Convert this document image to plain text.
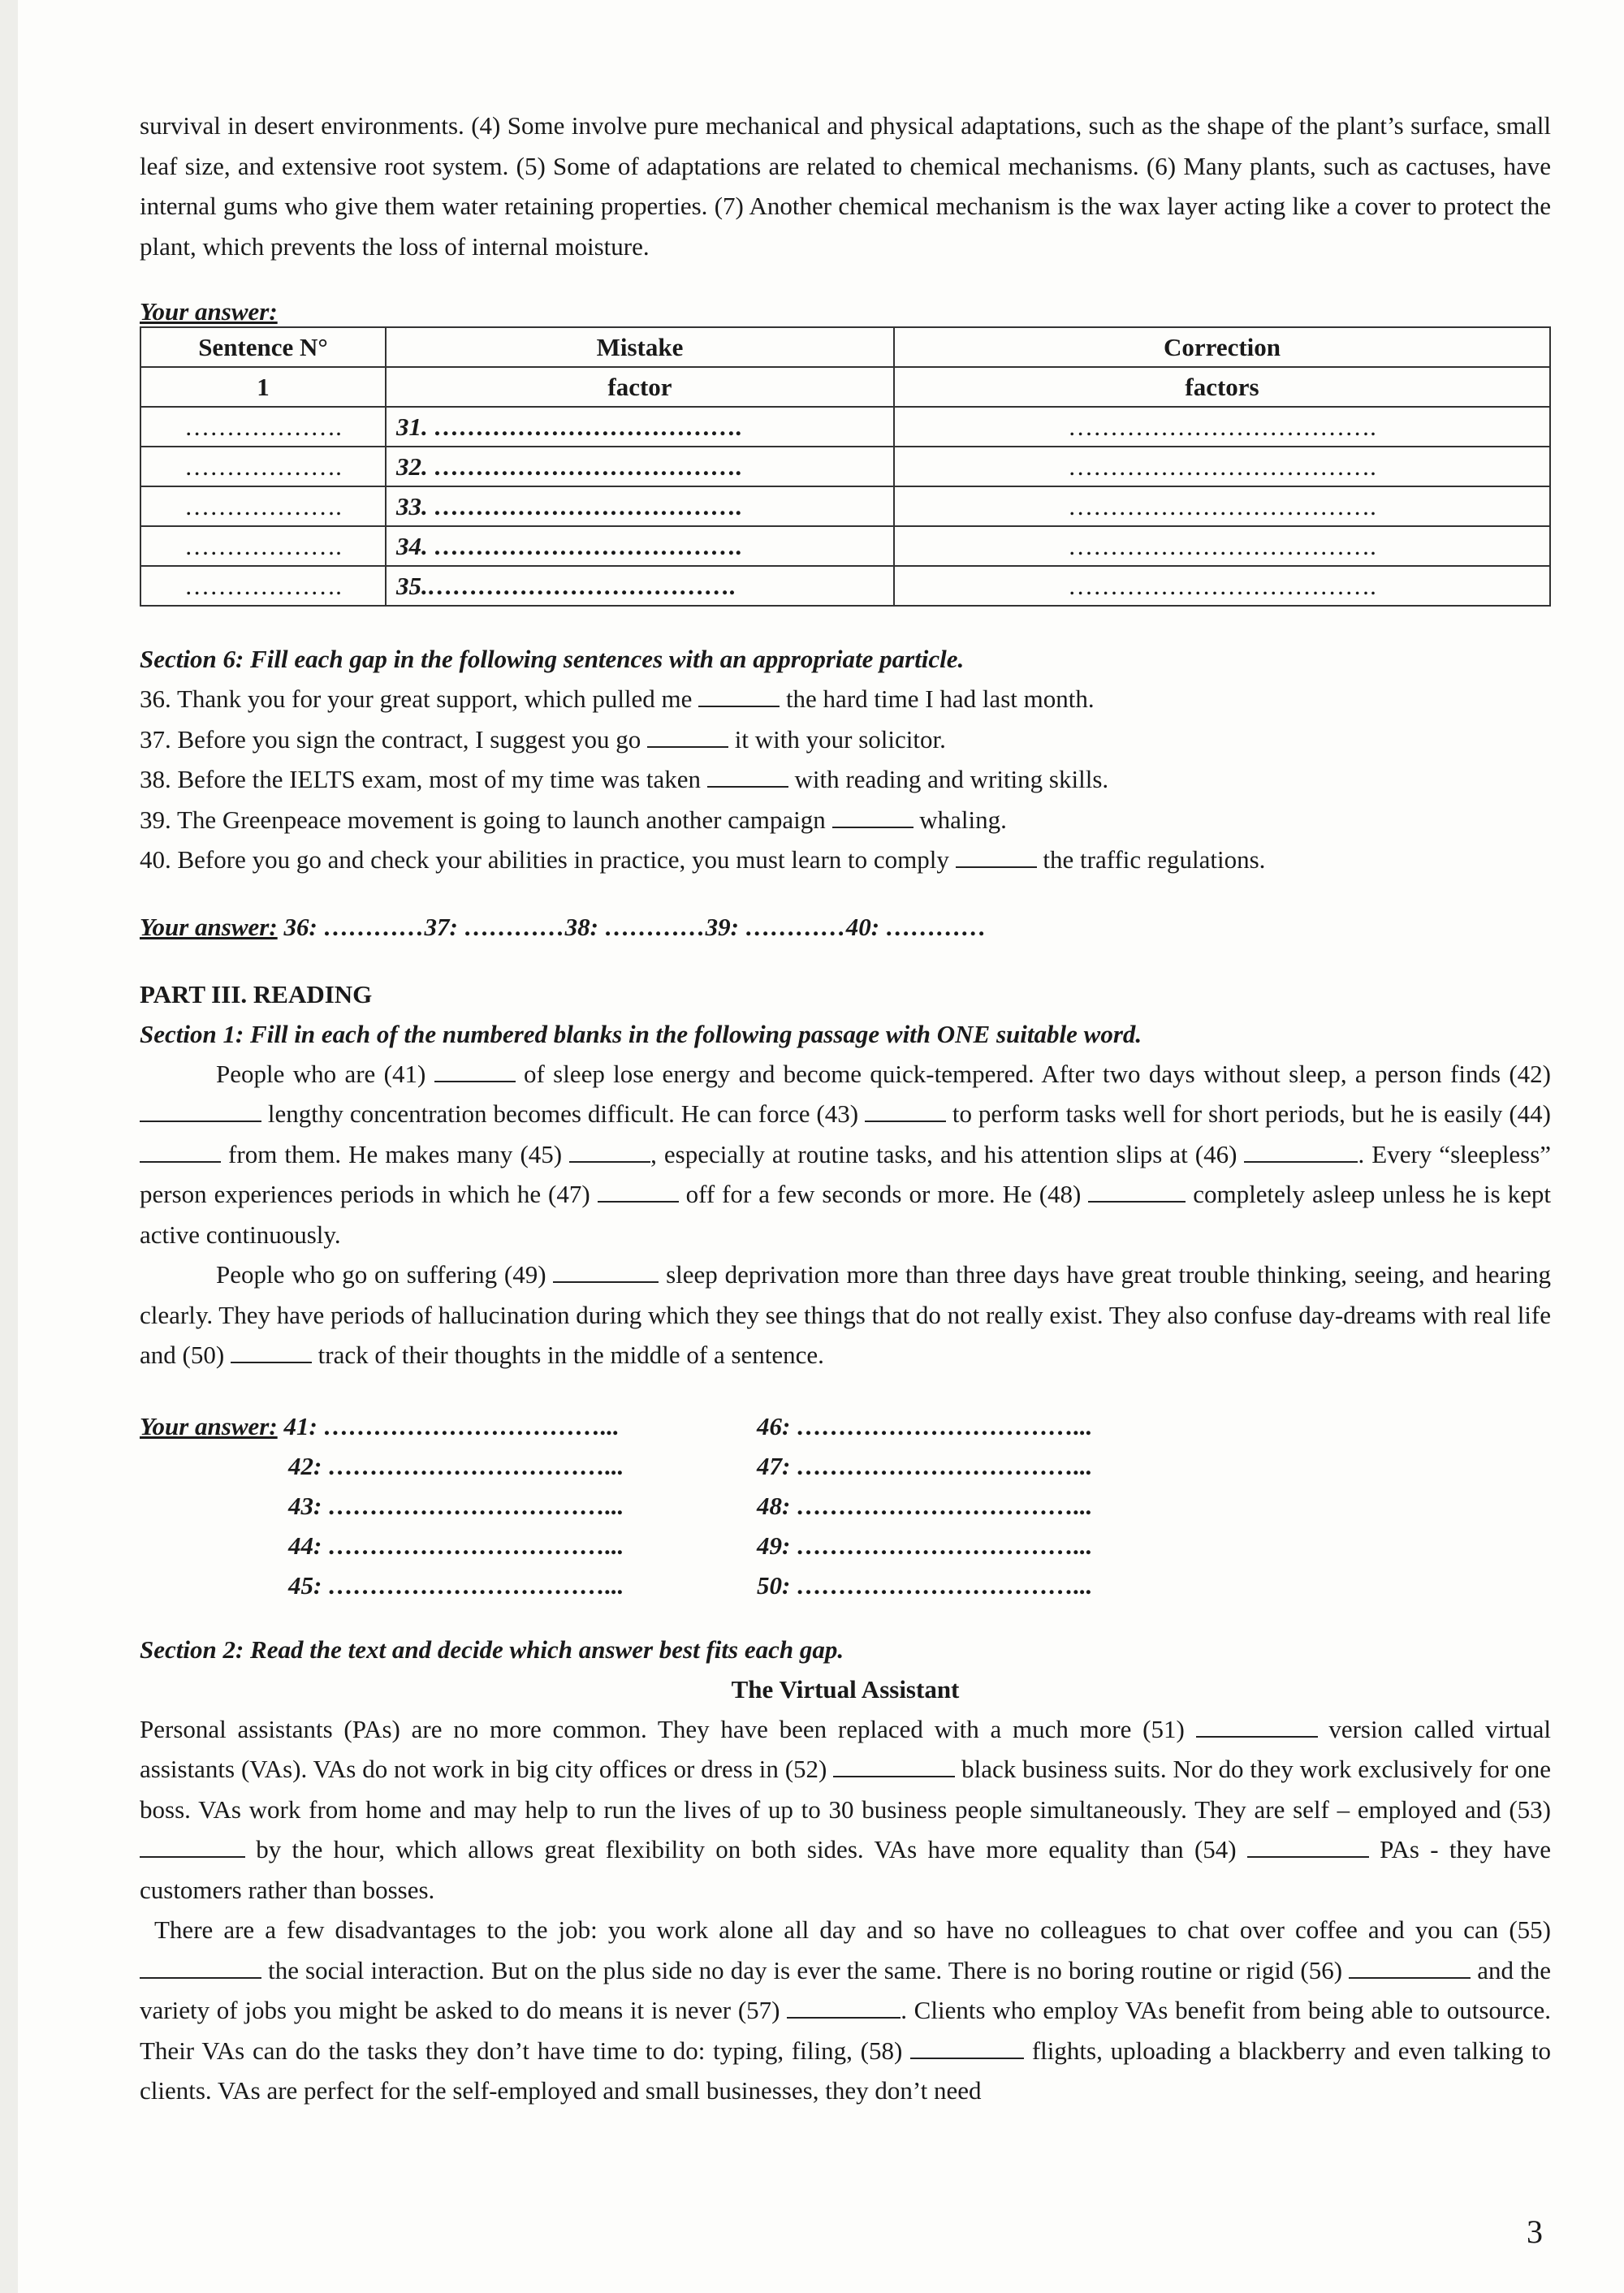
survival in desert environments. (4) Some involve pure mechanical and physical adaptations, such as the shape of the plant’s surface, small leaf size, and extensive root system. (5) Some of adaptations are related to chemical mechanisms. (6) Many plants, such as cactuses, have internal gums who give them water retaining properties. (7) Another chemical mechanism is the wax layer acting like a cover to protect the plant, which prevents the loss of internal moisture.

Your answer:
Sentence N°	Mistake	Correction
1	factor	factors
……………….	31. ……………………………….	……………………………….
……………….	32. ……………………………….	……………………………….
……………….	33. ……………………………….	……………………………….
……………….	34. ……………………………….	……………………………….
……………….	35.……………………………….	……………………………….

Section 6: Fill each gap in the following sentences with an appropriate particle.

36. Thank you for your great support, which pulled me	the hard time I had last month.

37. Before you sign the contract, I suggest you go	it with your solicitor.

38. Before the IELTS exam, most of my time was taken	with reading and writing skills.

39. The Greenpeace movement is going to launch another campaign	whaling.

40. Before you go and check your abilities in practice, you must learn to comply	the traffic regulations.

Your answer: 36: …………37: …………38: …………39: …………40: …………

PART III. READING

Section 1: Fill in each of the numbered blanks in the following passage with ONE suitable word.

People who are (41)	of sleep lose energy and become quick-tempered. After two days without sleep, a person finds (42)  lengthy concentration becomes difficult. He can force (43)	to perform tasks well for short periods, but he is easily (44)  from them. He makes many (45)	, especially at routine tasks, and his attention slips at (46)	. Every “sleepless” person experiences periods in which he (47)	off for a few seconds or more. He (48)	completely asleep unless he is kept active continuously.

People who go on suffering (49)	sleep deprivation more than three days have great trouble thinking, seeing, and hearing clearly. They have periods of hallucination during which they see things that do not really exist. They also confuse day-dreams with real life and (50)	track of their thoughts in the middle of a sentence.

Your answer: 41: ……………………………...
42: ……………………………...
43: ……………………………...
44: ……………………………...
45: ……………………………...
46: ……………………………...
47: ……………………………...
48: ……………………………...
49: ……………………………...
50: ……………………………...

Section 2: Read the text and decide which answer best fits each gap.

The Virtual Assistant

Personal assistants (PAs) are no more common. They have been replaced with a much more (51)	version called virtual assistants (VAs). VAs do not work in big city offices or dress in (52)	black business suits. Nor do they work exclusively for one boss. VAs work from home and may help to run the lives of up to 30 business people simultaneously. They are self – employed and (53)  by the hour, which allows great flexibility on both sides. VAs have more equality than (54)	PAs - they have customers rather than bosses.

There are a few disadvantages to the job: you work alone all day and so have no colleagues to chat over coffee and you can (55)  the social interaction. But on the plus side no day is ever the same. There is no boring routine or rigid (56)	and the variety of jobs you might be asked to do means it is never (57)	. Clients who employ VAs benefit from being able to outsource. Their VAs can do the tasks they don’t have time to do: typing, filing, (58)	flights, uploading a blackberry and even talking to clients. VAs are perfect for the self-employed and small businesses, they don’t need

3
